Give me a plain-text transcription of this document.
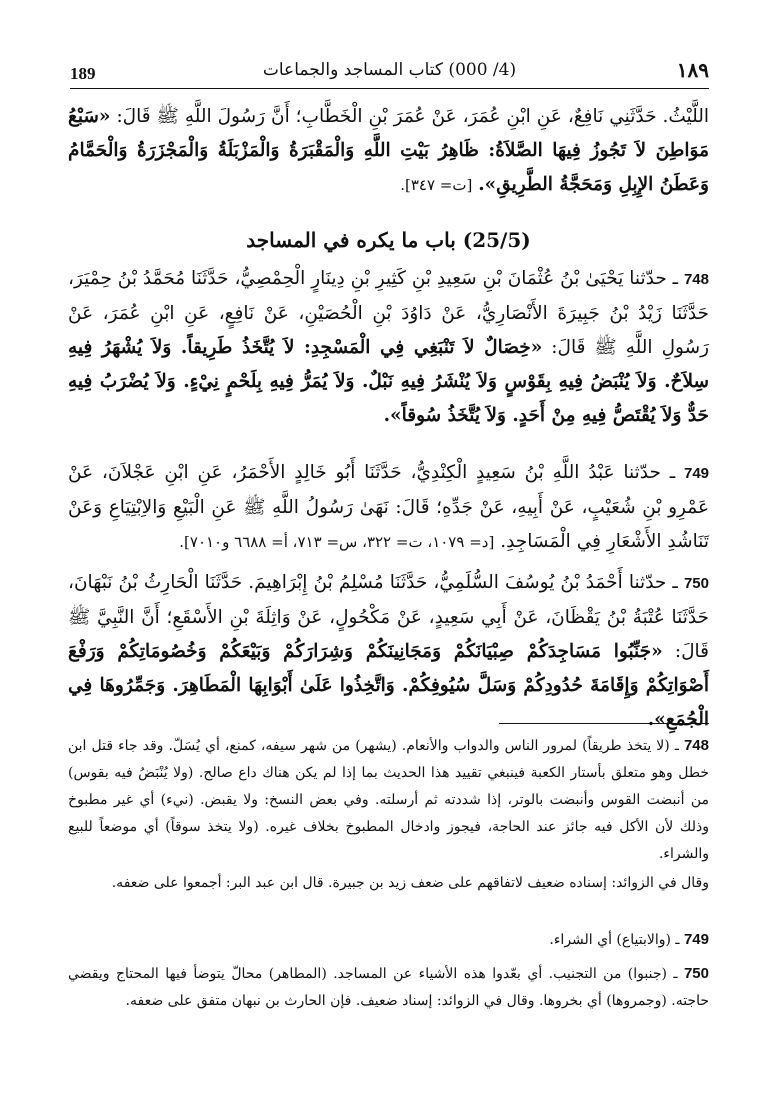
189	(4/ 000) كتاب المساجد والجماعات	١٨٩
اللَّيْثُ. حَدَّثَنِي نَافِعٌ، عَنِ ابْنِ عُمَرَ، عَنْ عُمَرَ بْنِ الْخَطَّابِ؛ أَنَّ رَسُولَ اللَّهِ ﷺ قَالَ: «سَبْعُ مَوَاطِنَ لاَ تَجُوزُ فِيهَا الصَّلاَةُ: ظَاهِرُ بَيْتِ اللَّهِ وَالْمَقْبَرَةُ وَالْمَزْبَلَةُ وَالْمَجْزَرَةُ وَالْحَمَّامُ وَعَطَنُ الإِبِلِ وَمَحَجَّةُ الطَّرِيقِ». [ت= ٣٤٧].
(25/5) باب ما يكره في المساجد
748 ـ حدّثنا يَحْيَىٰ بْنُ عُثْمَانَ بْنِ سَعِيدِ بْنِ كَثِيرِ بْنِ دِينَارٍ الْحِمْصِيُّ، حَدَّثَنَا مُحَمَّدُ بْنُ حِمْيَرَ، حَدَّثَنَا زَيْدُ بْنُ جَبِيرَةَ الأَنْصَارِيُّ، عَنْ دَاوُدَ بْنِ الْحُصَيْنِ، عَنْ نَافِعٍ، عَنِ ابْنِ عُمَرَ، عَنْ رَسُولِ اللَّهِ ﷺ قَالَ: «خِصَالٌ لاَ تَنْبَغِي فِي الْمَسْجِدِ: لاَ يُتَّخَذُ طَرِيقاً. وَلاَ يُشْهَرُ فِيهِ سِلاَحٌ. وَلاَ يُنْبَضُ فِيهِ بِقَوْسٍ وَلاَ يُنْشَرُ فِيهِ نَبْلٌ. وَلاَ يُمَرُّ فِيهِ بِلَحْمٍ نِيْءٍ. وَلاَ يُضْرَبُ فِيهِ حَدٌّ وَلاَ يُقْتَصُّ فِيهِ مِنْ أَحَدٍ. وَلاَ يُتَّخَذُ سُوقاً».
749 ـ حدّثنا عَبْدُ اللَّهِ بْنُ سَعِيدٍ الْكِنْدِيُّ، حَدَّثَنَا أَبُو خَالِدٍ الأَحْمَرُ، عَنِ ابْنِ عَجْلاَنَ، عَنْ عَمْرِو بْنِ شُعَيْبٍ، عَنْ أَبِيهِ، عَنْ جَدِّهِ؛ قَالَ: نَهَىٰ رَسُولُ اللَّهِ ﷺ عَنِ الْبَيْعِ وَالاِبْتِيَاعِ وَعَنْ تَنَاشُدِ الأَشْعَارِ فِي الْمَسَاجِدِ. [د= ١٠٧٩، ت= ٣٢٢، س= ٧١٣، أ= ٦٦٨٨ و٧٠١٠].
750 ـ حدّثنا أَحْمَدُ بْنُ يُوسُفَ السُّلَمِيُّ، حَدَّثَنَا مُسْلِمُ بْنُ إِبْرَاهِيمَ. حَدَّثَنَا الْحَارِثُ بْنُ نَبْهَانَ، حَدَّثَنَا عُتْبَةُ بْنُ يَقْظَانَ، عَنْ أَبِي سَعِيدٍ، عَنْ مَكْحُولٍ، عَنْ وَاثِلَةَ بْنِ الأَسْقَعِ؛ أَنَّ النَّبِيَّ ﷺ قَالَ: «جَنِّبُوا مَسَاجِدَكُمْ صِبْيَانَكُمْ وَمَجَانِينَكُمْ وَشِرَارَكُمْ وَبَيْعَكُمْ وَخُصُومَاتِكُمْ وَرَفْعَ أَصْوَاتِكُمْ وَإِقَامَةَ حُدُودِكُمْ وَسَلَّ سُيُوفِكُمْ. وَاتَّخِذُوا عَلَىٰ أَبْوَابِهَا الْمَطَاهِرَ. وَجَمِّرُوهَا فِي الْجُمَعِ».
748 ـ (لا يتخذ طريقاً) لمرور الناس والدواب والأنعام. (يشهر) من شهر سيفه، كمنع، أي يُسَلّ. وقد جاء قتل ابن خطل وهو متعلق بأستار الكعبة فينبغي تقييد هذا الحديث بما إذا لم يكن هناك داع صالح. (ولا يُنْبَضُ فيه بقوس) من أنبضت القوس وأنبضت بالوتر، إذا شددته ثم أرسلته. وفي بعض النسخ: ولا يقبض. (نيء) أي غير مطبوخ وذلك لأن الأكل فيه جائز عند الحاجة، فيجوز وادخال المطبوخ بخلاف غيره. (ولا يتخذ سوقاً) أي موضعاً للبيع والشراء.
وقال في الزوائد: إسناده ضعيف لاتفاقهم على ضعف زيد بن جبيرة. قال ابن عبد البر: أجمعوا على ضعفه.
749 ـ (والابتياع) أي الشراء.
750 ـ (جنبوا) من التجنيب. أي بعّدوا هذه الأشياء عن المساجد. (المطاهر) محالّ يتوضأ فيها المحتاج ويقضي حاجته. (وجمروها) أي بخروها. وقال في الزوائد: إسناد ضعيف. فإن الحارث بن نبهان متفق على ضعفه.
